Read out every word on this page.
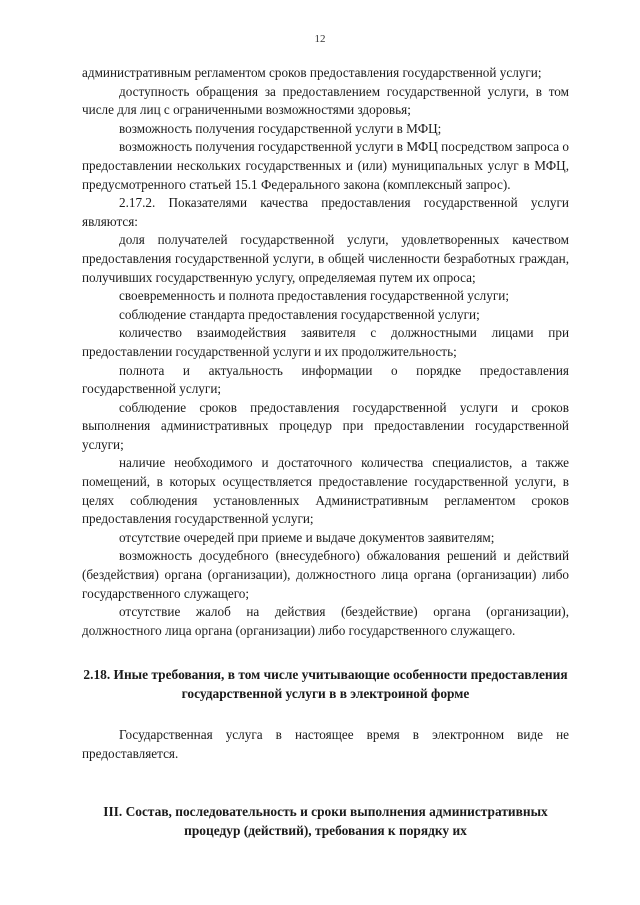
12

административным регламентом сроков предоставления государственной услуги;

доступность обращения за предоставлением государственной услуги, в том числе для лиц с ограниченными возможностями здоровья;

возможность получения государственной услуги в МФЦ;

возможность получения государственной услуги в МФЦ посредством запроса о предоставлении нескольких государственных и (или) муниципальных услуг в МФЦ, предусмотренного статьей 15.1 Федерального закона (комплексный запрос).

2.17.2. Показателями качества предоставления государственной услуги являются:

доля получателей государственной услуги, удовлетворенных качеством предоставления государственной услуги, в общей численности безработных граждан, получивших государственную услугу, определяемая путем их опроса;

своевременность и полнота предоставления государственной услуги;

соблюдение стандарта предоставления государственной услуги;

количество взаимодействия заявителя с должностными лицами при предоставлении государственной услуги и их продолжительность;

полнота и актуальность информации о порядке предоставления государственной услуги;

соблюдение сроков предоставления государственной услуги и сроков выполнения административных процедур при предоставлении государственной услуги;

наличие необходимого и достаточного количества специалистов, а также помещений, в которых осуществляется предоставление государственной услуги, в целях соблюдения установленных Административным регламентом сроков предоставления государственной услуги;

отсутствие очередей при приеме и выдаче документов заявителям;

возможность досудебного (внесудебного) обжалования решений и действий (бездействия) органа (организации), должностного лица органа (организации) либо государственного служащего;

отсутствие жалоб на действия (бездействие) органа (организации), должностного лица органа (организации) либо государственного служащего.

2.18. Иные требования, в том числе учитывающие особенности предоставления государственной услуги в в электроиной форме

Государственная услуга в настоящее время в электронном виде не предоставляется.

III. Состав, последовательность и сроки выполнения административных процедур (действий), требования к порядку их
